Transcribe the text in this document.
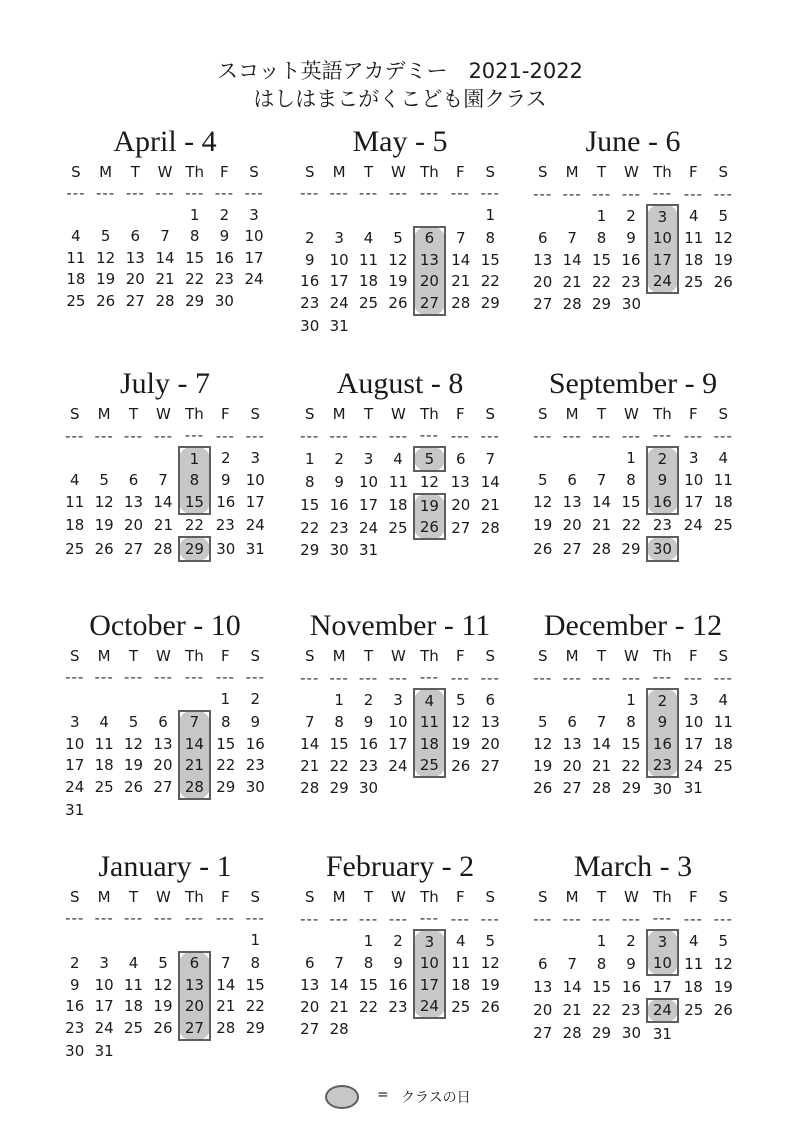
スコット英語アカデミー　2021-2022
はしはまこがくこども園クラス
April - 4
S	M	T	W	Th	F	S
---	---	---	---	---	---	---
				1	2	3
4	5	6	7	8	9	10
11	12	13	14	15	16	17
18	19	20	21	22	23	24
25	26	27	28	29	30	
May - 5
S	M	T	W	Th	F	S
---	---	---	---	---	---	---
						1
2	3	4	5	6	7	8
9	10	11	12	13	14	15
16	17	18	19	20	21	22
23	24	25	26	27	28	29
30	31					
June - 6
S	M	T	W	Th	F	S
---	---	---	---	---	---	---
		1	2	3	4	5
6	7	8	9	10	11	12
13	14	15	16	17	18	19
20	21	22	23	24	25	26
27	28	29	30			
July - 7
S	M	T	W	Th	F	S
---	---	---	---	---	---	---
				1	2	3
4	5	6	7	8	9	10
11	12	13	14	15	16	17
18	19	20	21	22	23	24
25	26	27	28	29	30	31
August - 8
S	M	T	W	Th	F	S
---	---	---	---	---	---	---
1	2	3	4	5	6	7
8	9	10	11	12	13	14
15	16	17	18	19	20	21
22	23	24	25	26	27	28
29	30	31				
September - 9
S	M	T	W	Th	F	S
---	---	---	---	---	---	---
			1	2	3	4
5	6	7	8	9	10	11
12	13	14	15	16	17	18
19	20	21	22	23	24	25
26	27	28	29	30		
October - 10
S	M	T	W	Th	F	S
---	---	---	---	---	---	---
					1	2
3	4	5	6	7	8	9
10	11	12	13	14	15	16
17	18	19	20	21	22	23
24	25	26	27	28	29	30
31						
November - 11
S	M	T	W	Th	F	S
---	---	---	---	---	---	---
	1	2	3	4	5	6
7	8	9	10	11	12	13
14	15	16	17	18	19	20
21	22	23	24	25	26	27
28	29	30				
December - 12
S	M	T	W	Th	F	S
---	---	---	---	---	---	---
			1	2	3	4
5	6	7	8	9	10	11
12	13	14	15	16	17	18
19	20	21	22	23	24	25
26	27	28	29	30	31	
January - 1
S	M	T	W	Th	F	S
---	---	---	---	---	---	---
						1
2	3	4	5	6	7	8
9	10	11	12	13	14	15
16	17	18	19	20	21	22
23	24	25	26	27	28	29
30	31					
February - 2
S	M	T	W	Th	F	S
---	---	---	---	---	---	---
		1	2	3	4	5
6	7	8	9	10	11	12
13	14	15	16	17	18	19
20	21	22	23	24	25	26
27	28					
March - 3
S	M	T	W	Th	F	S
---	---	---	---	---	---	---
		1	2	3	4	5
6	7	8	9	10	11	12
13	14	15	16	17	18	19
20	21	22	23	24	25	26
27	28	29	30	31		
= クラスの日
